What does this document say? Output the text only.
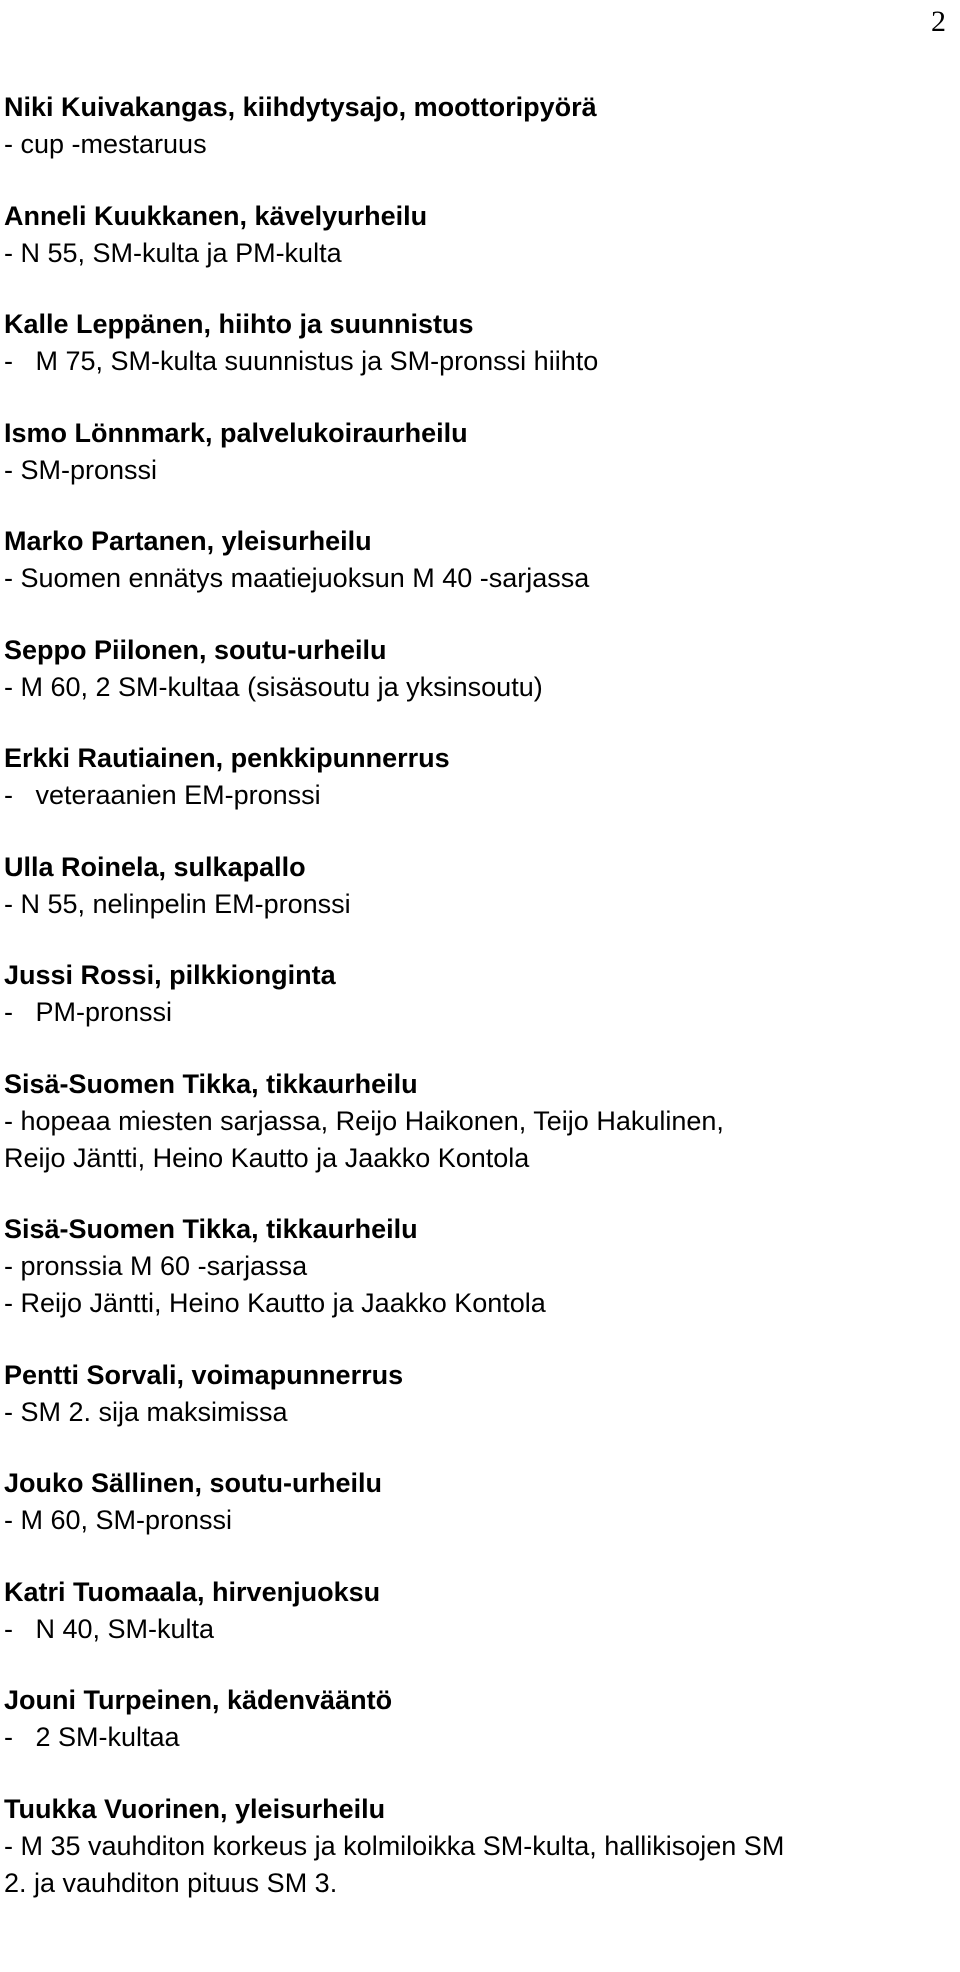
2

Niki Kuivakangas, kiihdytysajo, moottoripyörä

- cup -mestaruus

Anneli Kuukkanen, kävelyurheilu

- N 55, SM-kulta ja PM-kulta

Kalle Leppänen, hiihto ja suunnistus

-   M 75, SM-kulta suunnistus ja SM-pronssi hiihto

Ismo Lönnmark, palvelukoiraurheilu

- SM-pronssi

Marko Partanen, yleisurheilu

- Suomen ennätys maatiejuoksun M 40 -sarjassa

Seppo Piilonen, soutu-urheilu

- M 60, 2 SM-kultaa (sisäsoutu ja yksinsoutu)

Erkki Rautiainen, penkkipunnerrus

-   veteraanien EM-pronssi

Ulla Roinela, sulkapallo

- N 55, nelinpelin EM-pronssi

Jussi Rossi, pilkkionginta

-   PM-pronssi

Sisä-Suomen Tikka, tikkaurheilu

- hopeaa miesten sarjassa, Reijo Haikonen, Teijo Hakulinen,

Reijo Jäntti, Heino Kautto ja Jaakko Kontola

Sisä-Suomen Tikka, tikkaurheilu

- pronssia M 60 -sarjassa

- Reijo Jäntti, Heino Kautto ja Jaakko Kontola

Pentti Sorvali, voimapunnerrus

- SM 2. sija maksimissa

Jouko Sällinen, soutu-urheilu

- M 60, SM-pronssi

Katri Tuomaala, hirvenjuoksu

-   N 40, SM-kulta

Jouni Turpeinen, kädenvääntö

-   2 SM-kultaa

Tuukka Vuorinen, yleisurheilu

- M 35 vauhditon korkeus ja kolmiloikka SM-kulta, hallikisojen SM

2. ja vauhditon pituus SM 3.
